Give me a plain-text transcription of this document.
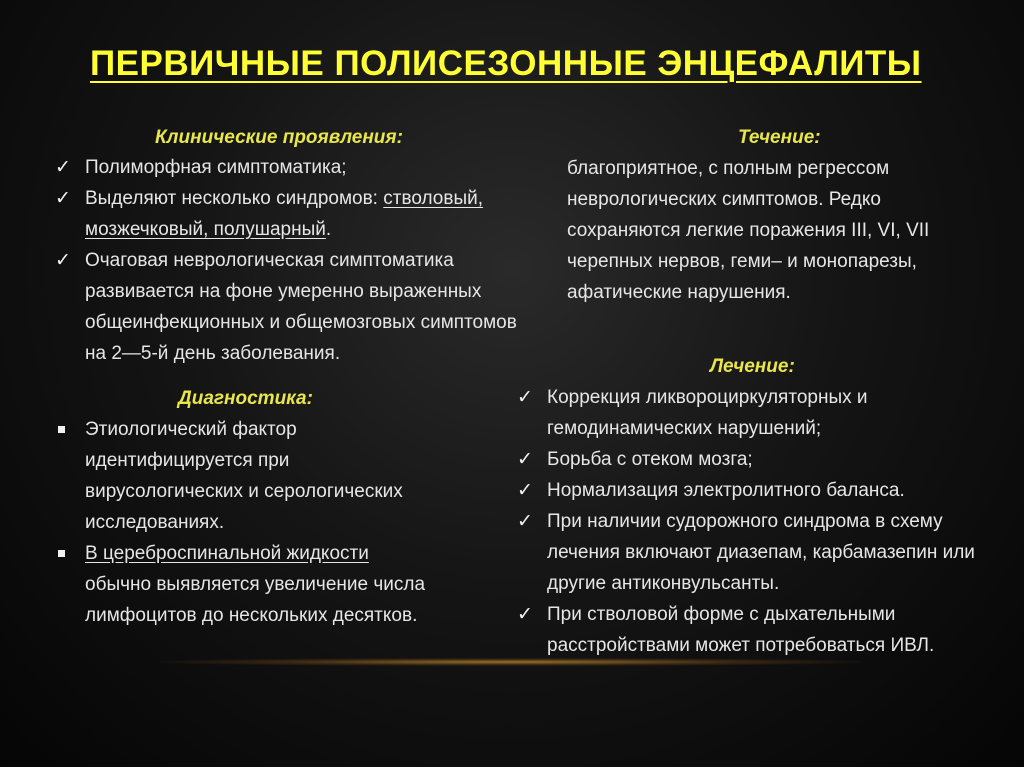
ПЕРВИЧНЫЕ ПОЛИСЕЗОННЫЕ ЭНЦЕФАЛИТЫ
Клинические проявления:
✓ Полиморфная симптоматика;
✓ Выделяют несколько синдромов: стволовый, мозжечковый, полушарный.
✓ Очаговая неврологическая симптоматика развивается на фоне умеренно выраженных общеинфекционных и общемозговых симптомов на 2—5-й день заболевания.
Течение:

благоприятное, с полным регрессом неврологических симптомов. Редко сохраняются легкие поражения III, VI, VII черепных нервов, геми– и монопарезы, афатические нарушения.

Диагностика:
Этиологический фактор идентифицируется при вирусологических и серологических исследованиях.
В цереброспинальной жидкости обычно выявляется увеличение числа лимфоцитов до нескольких десятков.
Лечение:
✓ Коррекция ликвороциркуляторных и гемодинамических нарушений;
✓ Борьба с отеком мозга;
✓ Нормализация электролитного баланса.
✓ При наличии судорожного синдрома в схему лечения включают диазепам, карбамазепин или другие антиконвульсанты.
✓ При стволовой форме с дыхательными расстройствами может потребоваться ИВЛ.
